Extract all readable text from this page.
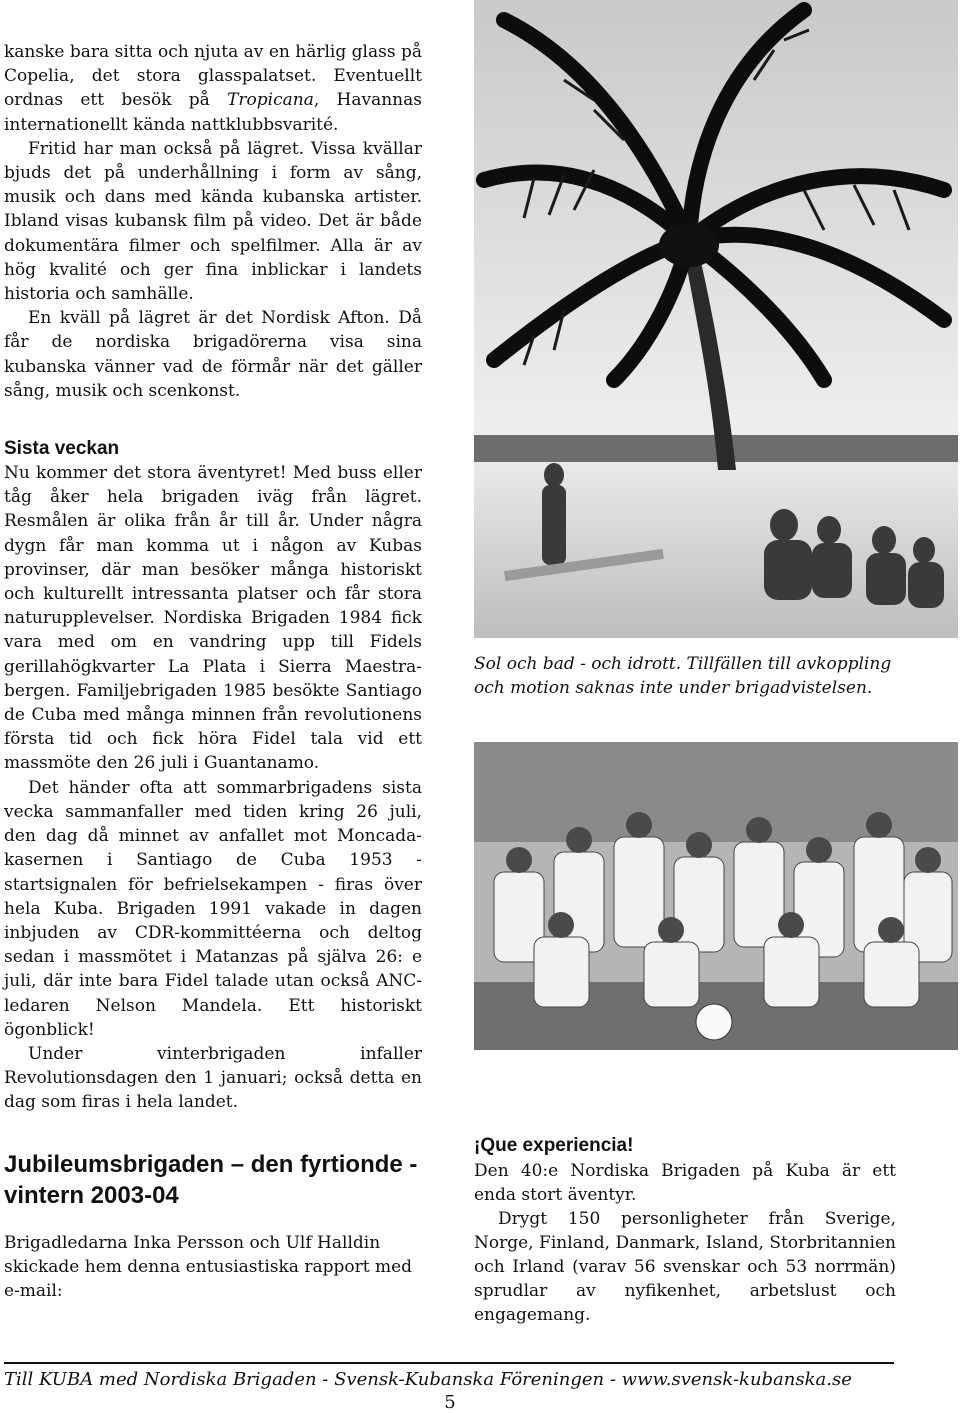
kanske bara sitta och njuta av en härlig glass på Copelia, det stora glasspalatset. Eventuellt ordnas ett besök på Tropicana, Havannas internationellt kända nattklubbsvarité.

Fritid har man också på lägret. Vissa kvällar bjuds det på underhållning i form av sång, musik och dans med kända kubanska artister. Ibland visas kubansk film på video. Det är både dokumentära filmer och spelfilmer. Alla är av hög kvalité och ger fina inblickar i landets historia och samhälle.

En kväll på lägret är det Nordisk Afton. Då får de nordiska brigadörerna visa sina kubanska vänner vad de förmår när det gäller sång, musik och scenkonst.

Sista veckan

Nu kommer det stora äventyret! Med buss eller tåg åker hela brigaden iväg från lägret. Resmålen är olika från år till år. Under några dygn får man komma ut i någon av Kubas provinser, där man besöker många historiskt och kulturellt intressanta platser och får stora naturupplevelser. Nordiska Brigaden 1984 fick vara med om en vandring upp till Fidels gerillahögkvarter La Plata i Sierra Maestra-bergen. Familjebrigaden 1985 besökte Santiago de Cuba med många minnen från revolutionens första tid och fick höra Fidel tala vid ett massmöte den 26 juli i Guantanamo.

Det händer ofta att sommarbrigadens sista vecka sammanfaller med tiden kring 26 juli, den dag då minnet av anfallet mot Moncada-kasernen i Santiago de Cuba 1953 - startsignalen för befrielsekampen - firas över hela Kuba. Brigaden 1991 vakade in dagen inbjuden av CDR-kommittéerna och deltog sedan i massmötet i Matanzas på själva 26: e juli, där inte bara Fidel talade utan också ANC-ledaren Nelson Mandela. Ett historiskt ögonblick!

Under vinterbrigaden infaller Revolutionsdagen den 1 januari; också detta en dag som firas i hela landet.

Jubileumsbrigaden – den fyrtionde - vintern 2003-04

Brigadledarna Inka Persson och Ulf Halldin skickade hem denna entusiastiska rapport med e-mail:

Sol och bad - och idrott. Tillfällen till avkoppling och motion saknas inte under brigadvistelsen.
¡Que experiencia!

Den 40:e Nordiska Brigaden på Kuba är ett enda stort äventyr.

Drygt 150 personligheter från Sverige, Norge, Finland, Danmark, Island, Storbritannien och Irland (varav 56 svenskar och 53 norrmän) sprudlar av nyfikenhet, arbetslust och engagemang.

Till KUBA med Nordiska Brigaden - Svensk-Kubanska Föreningen - www.svensk-kubanska.se
5
